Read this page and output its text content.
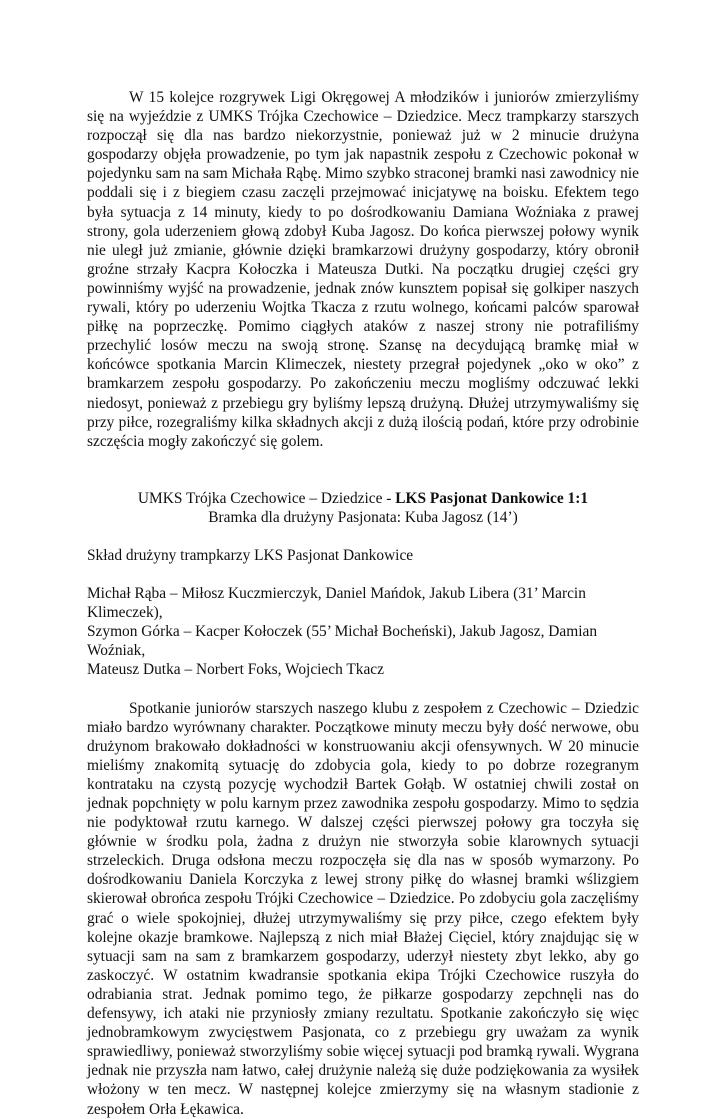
W 15 kolejce rozgrywek Ligi Okręgowej A młodzików i juniorów zmierzyliśmy się na wyjeździe z UMKS Trójka Czechowice – Dziedzice. Mecz trampkarzy starszych rozpoczął się dla nas bardzo niekorzystnie, ponieważ już w 2 minucie drużyna gospodarzy objęła prowadzenie, po tym jak napastnik zespołu z Czechowic pokonał w pojedynku sam na sam Michała Rąbę. Mimo szybko straconej bramki nasi zawodnicy nie poddali się i z biegiem czasu zaczęli przejmować inicjatywę na boisku. Efektem tego była sytuacja z 14 minuty, kiedy to po dośrodkowaniu Damiana Woźniaka z prawej strony, gola uderzeniem głową zdobył Kuba Jagosz. Do końca pierwszej połowy wynik nie uległ już zmianie, głównie dzięki bramkarzowi drużyny gospodarzy, który obronił groźne strzały Kacpra Kołoczka i Mateusza Dutki. Na początku drugiej części gry powinniśmy wyjść na prowadzenie, jednak znów kunsztem popisał się golkiper naszych rywali, który po uderzeniu Wojtka Tkacza z rzutu wolnego, końcami palców sparował piłkę na poprzeczkę. Pomimo ciągłych ataków z naszej strony nie potrafiliśmy przechylić losów meczu na swoją stronę. Szansę na decydującą bramkę miał w końcówce spotkania Marcin Klimeczek, niestety przegrał pojedynek „oko w oko” z bramkarzem zespołu gospodarzy. Po zakończeniu meczu mogliśmy odczuwać lekki niedosyt, ponieważ z przebiegu gry byliśmy lepszą drużyną. Dłużej utrzymywaliśmy się przy piłce, rozegraliśmy kilka składnych akcji z dużą ilością podań, które przy odrobinie szczęścia mogły zakończyć się golem.

UMKS Trójka Czechowice – Dziedzice - LKS Pasjonat Dankowice 1:1

Bramka dla drużyny Pasjonata: Kuba Jagosz (14’)

Skład drużyny trampkarzy LKS Pasjonat Dankowice

Michał Rąba – Miłosz Kuczmierczyk, Daniel Mańdok, Jakub Libera (31’ Marcin Klimeczek),

Szymon Górka – Kacper Kołoczek (55’ Michał Bocheński), Jakub Jagosz, Damian Woźniak,

Mateusz Dutka – Norbert Foks, Wojciech Tkacz

Spotkanie juniorów starszych naszego klubu z zespołem z Czechowic – Dziedzic miało bardzo wyrównany charakter. Początkowe minuty meczu były dość nerwowe, obu drużynom brakowało dokładności w konstruowaniu akcji ofensywnych. W 20 minucie mieliśmy znakomitą sytuację do zdobycia gola, kiedy to po dobrze rozegranym kontrataku na czystą pozycję wychodził Bartek Gołąb. W ostatniej chwili został on jednak popchnięty w polu karnym przez zawodnika zespołu gospodarzy. Mimo to sędzia nie podyktował rzutu karnego. W dalszej części pierwszej połowy gra toczyła się głównie w środku pola, żadna z drużyn nie stworzyła sobie klarownych sytuacji strzeleckich. Druga odsłona meczu rozpoczęła się dla nas w sposób wymarzony. Po dośrodkowaniu Daniela Korczyka z lewej strony piłkę do własnej bramki wślizgiem skierował obrońca zespołu Trójki Czechowice – Dziedzice. Po zdobyciu gola zaczęliśmy grać o wiele spokojniej, dłużej utrzymywaliśmy się przy piłce, czego efektem były kolejne okazje bramkowe. Najlepszą z nich miał Błażej Cięciel, który znajdując się w sytuacji sam na sam z bramkarzem gospodarzy, uderzył niestety zbyt lekko, aby go zaskoczyć. W ostatnim kwadransie spotkania ekipa Trójki Czechowice ruszyła do odrabiania strat. Jednak pomimo tego, że piłkarze gospodarzy zepchnęli nas do defensywy, ich ataki nie przyniosły zmiany rezultatu. Spotkanie zakończyło się więc jednobramkowym zwycięstwem Pasjonata, co z przebiegu gry uważam za wynik sprawiedliwy, ponieważ stworzyliśmy sobie więcej sytuacji pod bramką rywali. Wygrana jednak nie przyszła nam łatwo, całej drużynie należą się duże podziękowania za wysiłek włożony w ten mecz. W następnej kolejce zmierzymy się na własnym stadionie z zespołem Orła Łękawica.
